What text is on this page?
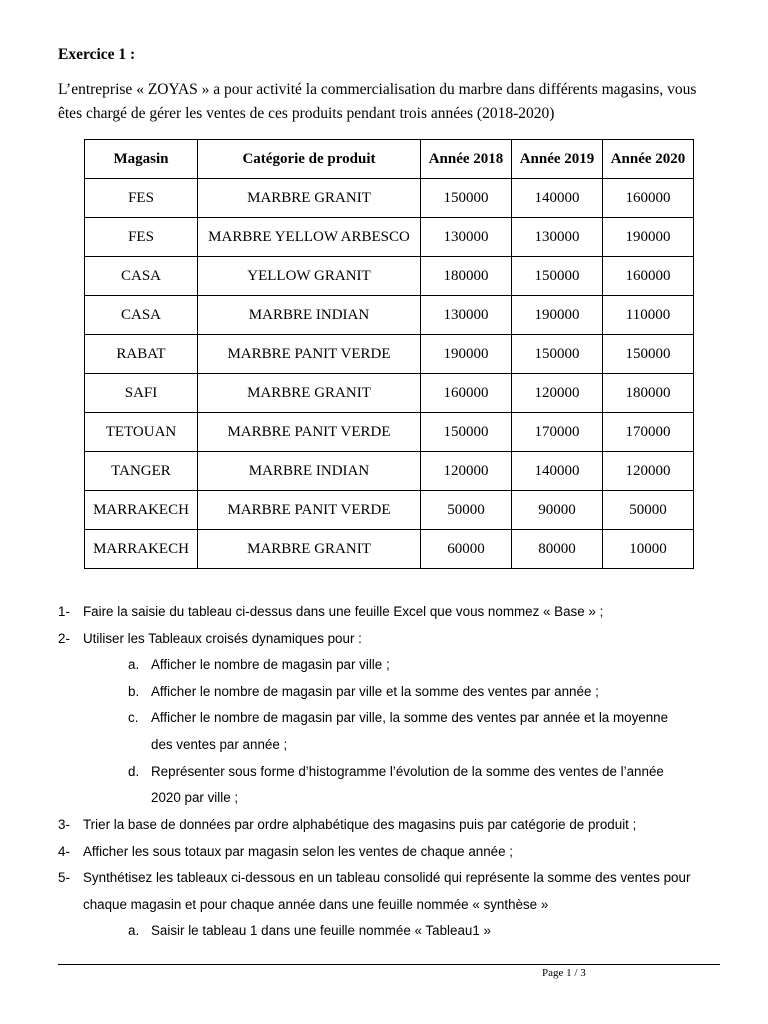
Exercice 1 :
L’entreprise « ZOYAS » a pour activité la commercialisation du marbre dans différents magasins, vous
êtes chargé de gérer les ventes de ces produits pendant trois années (2018-2020)
Magasin	Catégorie de produit	Année 2018	Année 2019	Année 2020
FES	MARBRE GRANIT	150000	140000	160000
FES	MARBRE YELLOW ARBESCO	130000	130000	190000
CASA	YELLOW GRANIT	180000	150000	160000
CASA	MARBRE INDIAN	130000	190000	110000
RABAT	MARBRE PANIT VERDE	190000	150000	150000
SAFI	MARBRE GRANIT	160000	120000	180000
TETOUAN	MARBRE PANIT VERDE	150000	170000	170000
TANGER	MARBRE INDIAN	120000	140000	120000
MARRAKECH	MARBRE PANIT VERDE	50000	90000	50000
MARRAKECH	MARBRE GRANIT	60000	80000	10000
1- Faire la saisie du tableau ci-dessus dans une feuille Excel que vous nommez « Base » ;
2- Utiliser les Tableaux croisés dynamiques pour :
a. Afficher le nombre de magasin par ville ;
b. Afficher le nombre de magasin par ville et la somme des ventes par année ;
c. Afficher le nombre de magasin par ville, la somme des ventes par année et la moyenne
des ventes par année ;
d. Représenter sous forme d’histogramme l’évolution de la somme des ventes de l’année
2020 par ville ;
3- Trier la base de données par ordre alphabétique des magasins puis par catégorie de produit ;
4- Afficher les sous totaux par magasin selon les ventes de chaque année ;
5- Synthétisez les tableaux ci-dessous en un tableau consolidé qui représente la somme des ventes pour
chaque magasin et pour chaque année dans une feuille nommée « synthèse »
a. Saisir le tableau 1 dans une feuille nommée « Tableau1 »
Page 1 / 3
